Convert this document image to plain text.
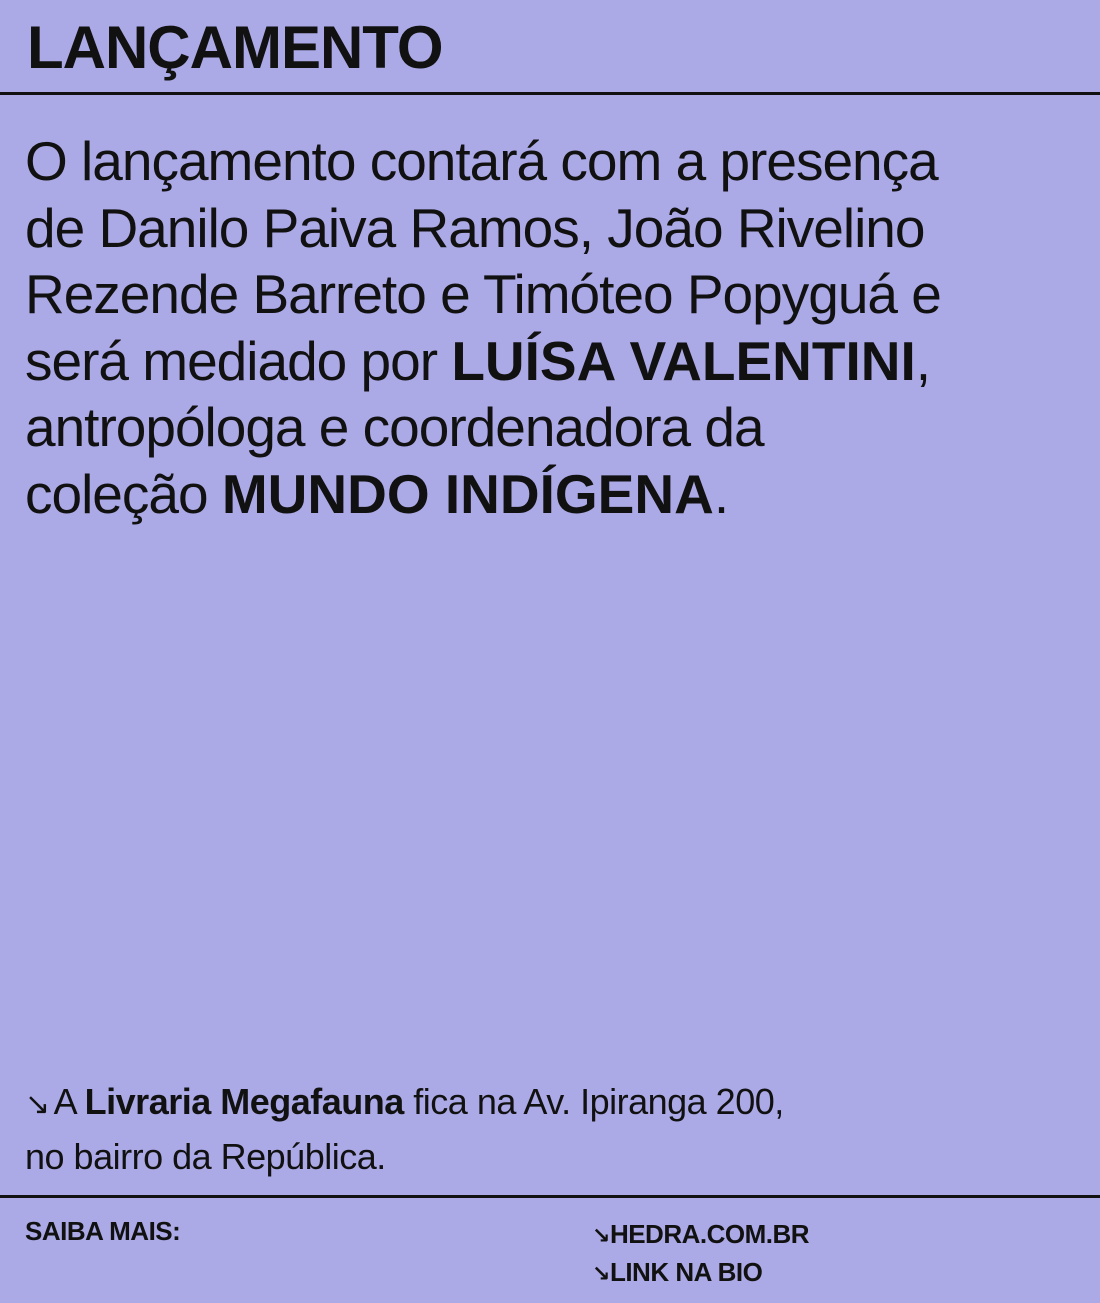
LANÇAMENTO
O lançamento contará com a presença
de Danilo Paiva Ramos, João Rivelino
Rezende Barreto e Timóteo Popyguá e
será mediado por LUÍSA VALENTINI,
antropóloga e coordenadora da
coleção MUNDO INDÍGENA.
↘ A Livraria Megafauna fica na Av. Ipiranga 200,
no bairro da República.
SAIBA MAIS:	↘HEDRA.COM.BR
↘LINK NA BIO
